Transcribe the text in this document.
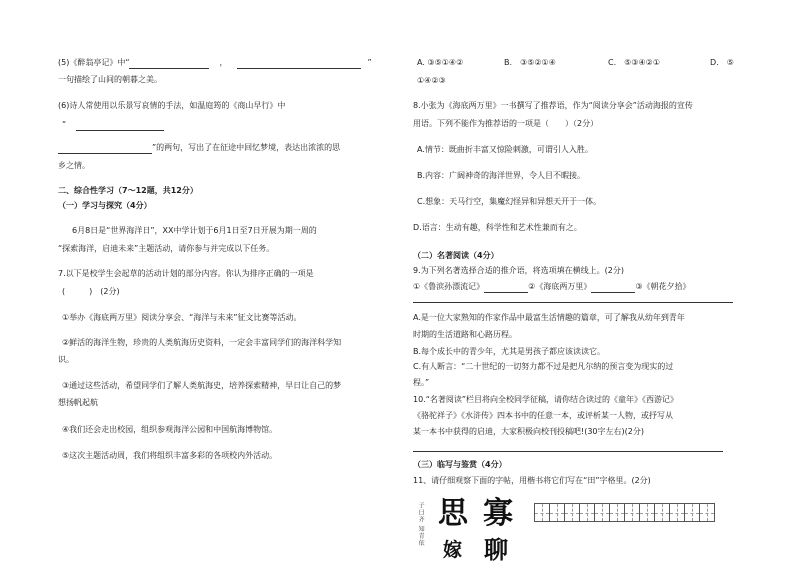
(5)《醉翁亭记》中“	，	”
一句描绘了山间的朝暮之美。
(6)诗人常使用以乐景写哀情的手法，如温庭筠的《商山早行》中
“
”的两句，写出了在征途中回忆梦境，表达出浓浓的思
乡之情。
二、综合性学习（7～12题，共12分）
（一）学习与探究（4分）
6月8日是“世界海洋日”，XX中学计划于6月1日至7日开展为期一周的
“探索海洋，启迪未来”主题活动，请你参与并完成以下任务。
7.以下是校学生会起草的活动计划的部分内容。你认为排序正确的一项是
(　　　)　(2分)
①举办《海底两万里》阅读分享会、“海洋与未来”征文比赛等活动。
②鲜活的海洋生物，珍贵的人类航海历史资料，一定会丰富同学们的海洋科学知
识。
③通过这些活动，希望同学们了解人类航海史，培养探索精神，早日让自己的梦
想扬帆起航
④我们还会走出校园，组织参观海洋公园和中国航海博物馆。
⑤这次主题活动周，我们将组织丰富多彩的各项校内外活动。
A. ③⑤①④②	B.　③⑤②①④	C.　⑤③④②①	D.　⑤
①④②③
8.小张为《海底两万里》一书撰写了推荐语，作为“阅读分享会”活动海报的宣传
用语。下列不能作为推荐语的一项是（　　）（2分）
A.情节：既曲折丰富又惊险刺激，可谓引人入胜。
B.内容：广阔神奇的海洋世界，令人目不暇接。
C.想象：天马行空，集魔幻怪异和异想天开于一体。
D.语言：生动有趣，科学性和艺术性兼而有之。
（二）名著阅读（4分）
9.为下列名著选择合适的推介语，将选项填在横线上。(2分)
①《鲁滨孙漂流记》	②《海底两万里》	③《朝花夕拾》
A.是一位大家熟知的作家作品中最富生活情趣的篇章，可了解我从幼年到青年
时期的生活道路和心路历程。
B.每个成长中的青少年，尤其是男孩子都应该读读它。
C.有人断言：“二十世纪的一切努力都不过是把凡尔纳的预言变为现实的过
程。”
10.“名著阅读”栏目将向全校同学征稿，请你结合读过的《童年》《西游记》
《骆驼祥子》《水浒传》四本书中的任意一本，或评析某一人物，或抒写从
某一本书中获得的启迪，大家积极向校刊投稿吧!(30字左右)(2分)
（三）临写与鉴赏（4分）
11、请仔细观察下面的字帖，用楷书将它们写在“田”字格里。(2分)
子曰齐 知青依 思 寡
嫁 聊
